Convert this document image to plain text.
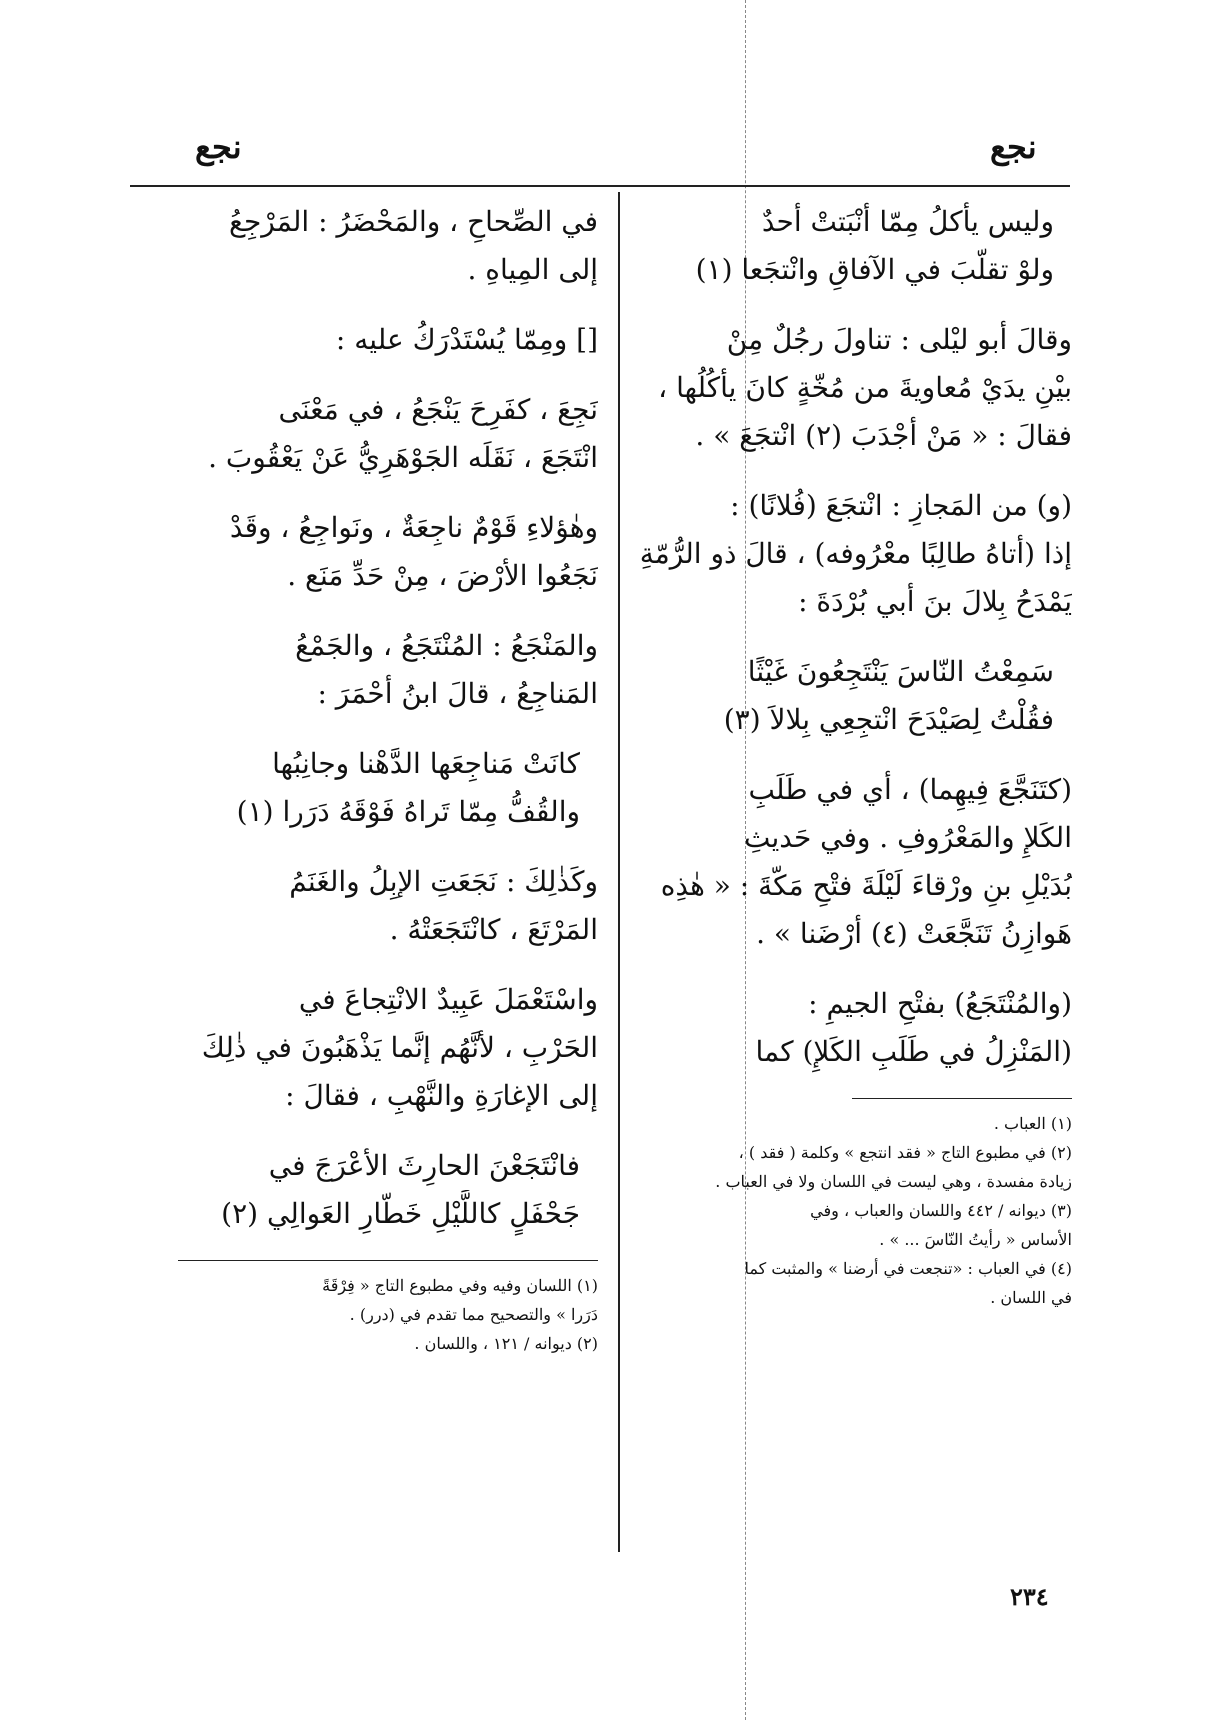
نجع
نجع
وليس يأكلُ مِمّا أنْبَتتْ أحدٌ
ولوْ تقلّبَ في الآفاقِ وانْتجَعا (١)
وقالَ أبو ليْلى : تناولَ رجُلٌ مِنْ
بيْنِ يدَيْ مُعاويةَ من مُخّةٍ كانَ يأكُلُها ،
فقالَ : « مَنْ أجْدَبَ (٢) انْتجَعَ » .
(و) من المَجازِ : انْتجَعَ (فُلانًا) :
إذا (أتاهُ طالِبًا معْرُوفه) ، قالَ ذو الرُّمّةِ
يَمْدَحُ بِلالَ بنَ أبي بُرْدَةَ :
سَمِعْتُ النّاسَ يَنْتَجِعُونَ غَيْثًا
فقُلْتُ لِصَيْدَحَ انْتجِعِي بِلالاَ (٣)
(كتَنَجَّعَ فِيهِما) ، أي في طَلَبِ
الكَلإِ والمَعْرُوفِ . وفي حَديثِ
بُدَيْلِ بنِ ورْقاءَ لَيْلَةَ فتْحِ مَكّةَ : « هٰذِه
هَوازِنُ تَنَجَّعَتْ (٤) أرْضَنا » .
(والمُنْتَجَعُ) بفتْحِ الجيمِ :
(المَنْزِلُ في طَلَبِ الكَلإِ) كما
(١) العباب .
(٢) في مطبوع التاج « فقد انتجع » وكلمة ( فقد ) ،
زيادة مفسدة ، وهي ليست في اللسان ولا في العباب .
(٣) ديوانه / ٤٤٢ واللسان والعباب ، وفي
الأساس « رأيتُ النّاسَ ... » .
(٤) في العباب : «تنجعت في أرضنا » والمثبت كما
في اللسان .
في الصِّحاحِ ، والمَحْضَرُ : المَرْجِعُ
إلى المِياهِ .
[] ومِمّا يُسْتَدْرَكُ عليه :
نَجِعَ ، كفَرِحَ يَنْجَعُ ، في مَعْنَى
انْتَجَعَ ، نَقَلَه الجَوْهَرِيُّ عَنْ يَعْقُوبَ .
وهٰؤلاءِ قَوْمٌ ناجِعَةٌ ، ونَواجِعُ ، وقَدْ
نَجَعُوا الأرْضَ ، مِنْ حَدِّ مَنَع .
والمَنْجَعُ : المُنْتَجَعُ ، والجَمْعُ
المَناجِعُ ، قالَ ابنُ أحْمَرَ :
كانَتْ مَناجِعَها الدَّهْنا وجانِبُها
والقُفُّ مِمّا تَراهُ فَوْقَهُ دَرَرا (١)
وكَذٰلِكَ : نَجَعَتِ الإبِلُ والغَنَمُ
المَرْتَعَ ، كانْتَجَعَتْهُ .
واسْتَعْمَلَ عَبِيدٌ الانْتِجاعَ في
الحَرْبِ ، لأنَّهُم إنَّما يَذْهَبُونَ في ذٰلِكَ
إلى الإغارَةِ والنَّهْبِ ، فقالَ :
فانْتَجَعْنَ الحارِثَ الأعْرَجَ في
جَحْفَلٍ كاللَّيْلِ خَطّارِ العَوالِي (٢)
(١) اللسان وفيه وفي مطبوع التاج « فِرْقَةً
دَرَرا » والتصحيح مما تقدم في (درر) .
(٢) ديوانه / ١٢١ ، واللسان .
٢٣٤
